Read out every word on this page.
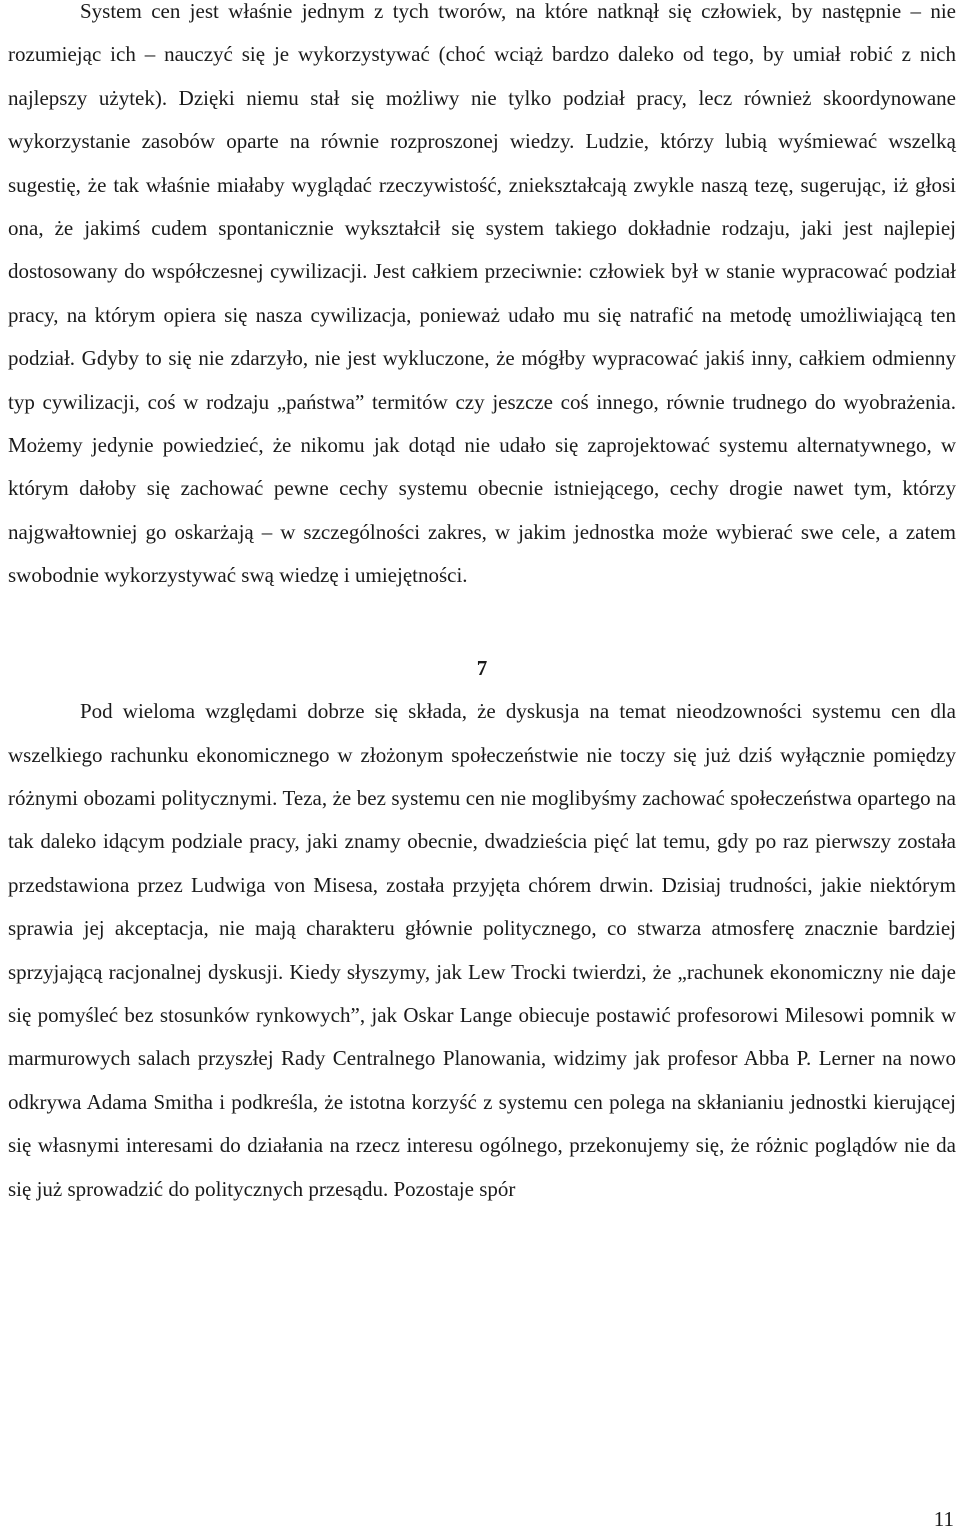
System cen jest właśnie jednym z tych tworów, na które natknął się człowiek, by następnie – nie rozumiejąc ich – nauczyć się je wykorzystywać (choć wciąż bardzo daleko od tego, by umiał robić z nich najlepszy użytek). Dzięki niemu stał się możliwy nie tylko podział pracy, lecz również skoordynowane wykorzystanie zasobów oparte na równie rozproszonej wiedzy. Ludzie, którzy lubią wyśmiewać wszelką sugestię, że tak właśnie miałaby wyglądać rzeczywistość, zniekształcają zwykle naszą tezę, sugerując, iż głosi ona, że jakimś cudem spontanicznie wykształcił się system takiego dokładnie rodzaju, jaki jest najlepiej dostosowany do współczesnej cywilizacji. Jest całkiem przeciwnie: człowiek był w stanie wypracować podział pracy, na którym opiera się nasza cywilizacja, ponieważ udało mu się natrafić na metodę umożliwiającą ten podział. Gdyby to się nie zdarzyło, nie jest wykluczone, że mógłby wypracować jakiś inny, całkiem odmienny typ cywilizacji, coś w rodzaju „państwa” termitów czy jeszcze coś innego, równie trudnego do wyobrażenia. Możemy jedynie powiedzieć, że nikomu jak dotąd nie udało się zaprojektować systemu alternatywnego, w którym dałoby się zachować pewne cechy systemu obecnie istniejącego, cechy drogie nawet tym, którzy najgwałtowniej go oskarżają – w szczególności zakres, w jakim jednostka może wybierać swe cele, a zatem swobodnie wykorzystywać swą wiedzę i umiejętności.

7

Pod wieloma względami dobrze się składa, że dyskusja na temat nieodzowności systemu cen dla wszelkiego rachunku ekonomicznego w złożonym społeczeństwie nie toczy się już dziś wyłącznie pomiędzy różnymi obozami politycznymi. Teza, że bez systemu cen nie moglibyśmy zachować społeczeństwa opartego na tak daleko idącym podziale pracy, jaki znamy obecnie, dwadzieścia pięć lat temu, gdy po raz pierwszy została przedstawiona przez Ludwiga von Misesa, została przyjęta chórem drwin. Dzisiaj trudności, jakie niektórym sprawia jej akceptacja, nie mają charakteru głównie politycznego, co stwarza atmosferę znacznie bardziej sprzyjającą racjonalnej dyskusji. Kiedy słyszymy, jak Lew Trocki twierdzi, że „rachunek ekonomiczny nie daje się pomyśleć bez stosunków rynkowych”, jak Oskar Lange obiecuje postawić profesorowi Milesowi pomnik w marmurowych salach przyszłej Rady Centralnego Planowania, widzimy jak profesor Abba P. Lerner na nowo odkrywa Adama Smitha i podkreśla, że istotna korzyść z systemu cen polega na skłanianiu jednostki kierującej się własnymi interesami do działania na rzecz interesu ogólnego, przekonujemy się, że różnic poglądów nie da się już sprowadzić do politycznych przesądu. Pozostaje spór

11
